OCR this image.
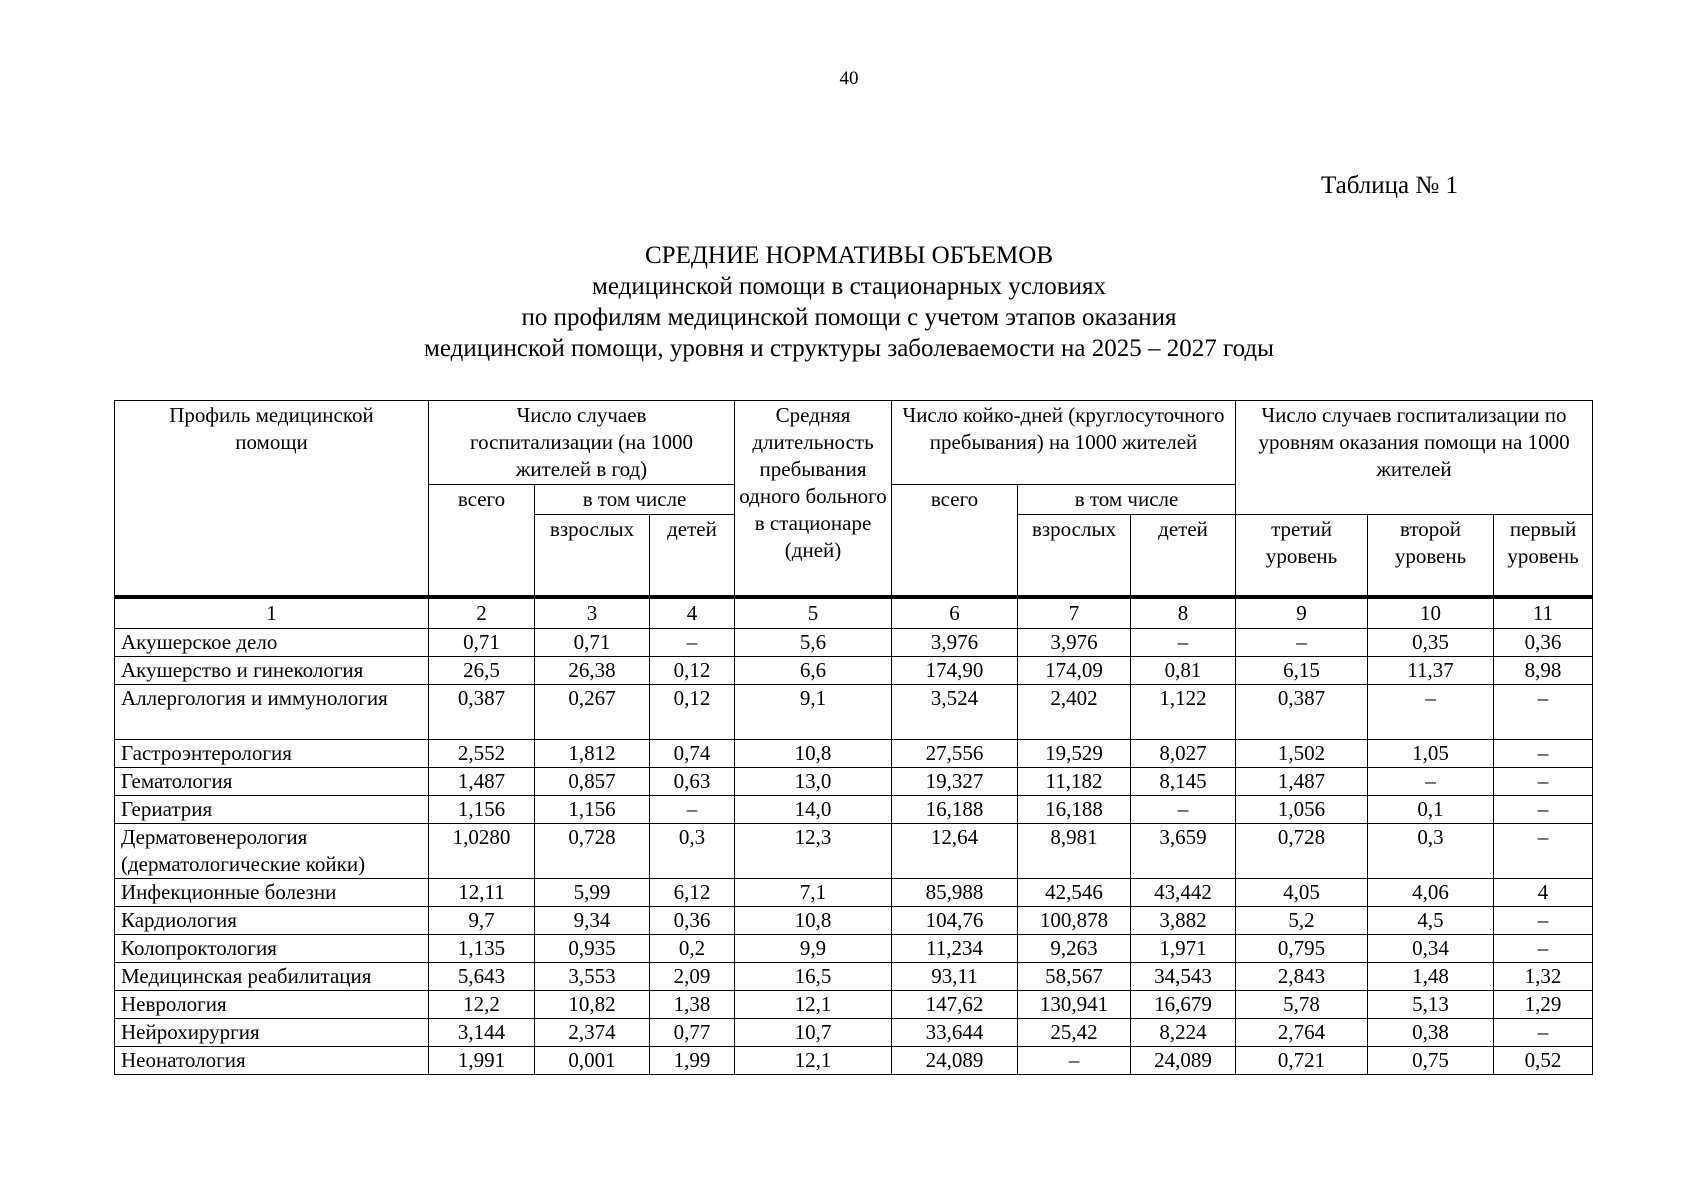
40
Таблица № 1
СРЕДНИЕ НОРМАТИВЫ ОБЪЕМОВ
медицинской помощи в стационарных условиях
по профилям медицинской помощи с учетом этапов оказания
медицинской помощи, уровня и структуры заболеваемости на 2025 – 2027 годы
Профиль медицинской помощи	Число случаев госпитализации (на 1000 жителей в год)			Средняя длительность пребывания одного больного в стационаре (дней)	Число койко-дней (круглосуточного пребывания) на 1000 жителей			Число случаев госпитализации по уровням оказания помощи на 1000 жителей		
	всего	в том числе			всего	в том числе				
		взрослых	детей			взрослых	детей	третий уровень	второй уровень	первый уровень
1	2	3	4	5	6	7	8	9	10	11
Акушерское дело	0,71	0,71	–	5,6	3,976	3,976	–	–	0,35	0,36
Акушерство и гинекология	26,5	26,38	0,12	6,6	174,90	174,09	0,81	6,15	11,37	8,98
Аллергология и иммунология	0,387	0,267	0,12	9,1	3,524	2,402	1,122	0,387	–	–
Гастроэнтерология	2,552	1,812	0,74	10,8	27,556	19,529	8,027	1,502	1,05	–
Гематология	1,487	0,857	0,63	13,0	19,327	11,182	8,145	1,487	–	–
Гериатрия	1,156	1,156	–	14,0	16,188	16,188	–	1,056	0,1	–
Дерматовенерология (дерматологические койки)	1,0280	0,728	0,3	12,3	12,64	8,981	3,659	0,728	0,3	–
Инфекционные болезни	12,11	5,99	6,12	7,1	85,988	42,546	43,442	4,05	4,06	4
Кардиология	9,7	9,34	0,36	10,8	104,76	100,878	3,882	5,2	4,5	–
Колопроктология	1,135	0,935	0,2	9,9	11,234	9,263	1,971	0,795	0,34	–
Медицинская реабилитация	5,643	3,553	2,09	16,5	93,11	58,567	34,543	2,843	1,48	1,32
Неврология	12,2	10,82	1,38	12,1	147,62	130,941	16,679	5,78	5,13	1,29
Нейрохирургия	3,144	2,374	0,77	10,7	33,644	25,42	8,224	2,764	0,38	–
Неонатология	1,991	0,001	1,99	12,1	24,089	–	24,089	0,721	0,75	0,52
